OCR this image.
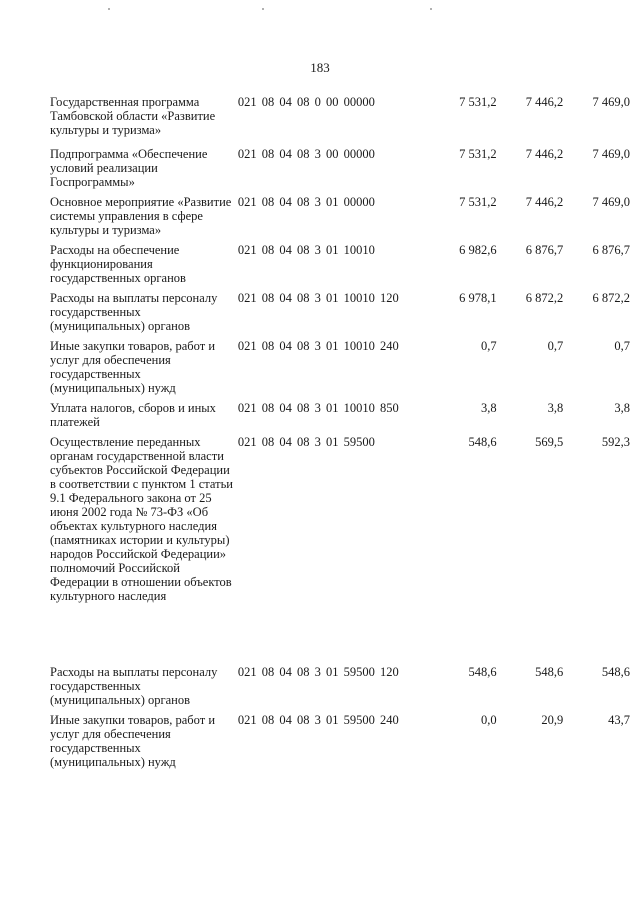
183
Государственная программа Тамбовской области «Развитие культуры и туризма»	021 08 04 08 0 00 00000	7 531,2	7 446,2	7 469,0
Подпрограмма «Обеспечение условий реализации Госпрограммы»	021 08 04 08 3 00 00000	7 531,2	7 446,2	7 469,0
Основное мероприятие «Развитие системы управления в сфере культуры и туризма»	021 08 04 08 3 01 00000	7 531,2	7 446,2	7 469,0
Расходы на обеспечение функционирования государственных органов	021 08 04 08 3 01 10010	6 982,6	6 876,7	6 876,7
Расходы на выплаты персоналу государственных (муниципальных) органов	021 08 04 08 3 01 10010 120	6 978,1	6 872,2	6 872,2
Иные закупки товаров, работ и услуг для обеспечения государственных (муниципальных) нужд	021 08 04 08 3 01 10010 240	0,7	0,7	0,7
Уплата налогов, сборов и иных платежей	021 08 04 08 3 01 10010 850	3,8	3,8	3,8
Осуществление переданных органам государственной власти субъектов Российской Федерации в соответствии с пунктом 1 статьи 9.1 Федерального закона от 25 июня 2002 года № 73-ФЗ «Об объектах культурного наследия (памятниках истории и культуры) народов Российской Федерации» полномочий Российской Федерации в отношении объектов культурного наследия	021 08 04 08 3 01 59500	548,6	569,5	592,3
Расходы на выплаты персоналу государственных (муниципальных) органов	021 08 04 08 3 01 59500 120	548,6	548,6	548,6
Иные закупки товаров, работ и услуг для обеспечения государственных (муниципальных) нужд	021 08 04 08 3 01 59500 240	0,0	20,9	43,7
